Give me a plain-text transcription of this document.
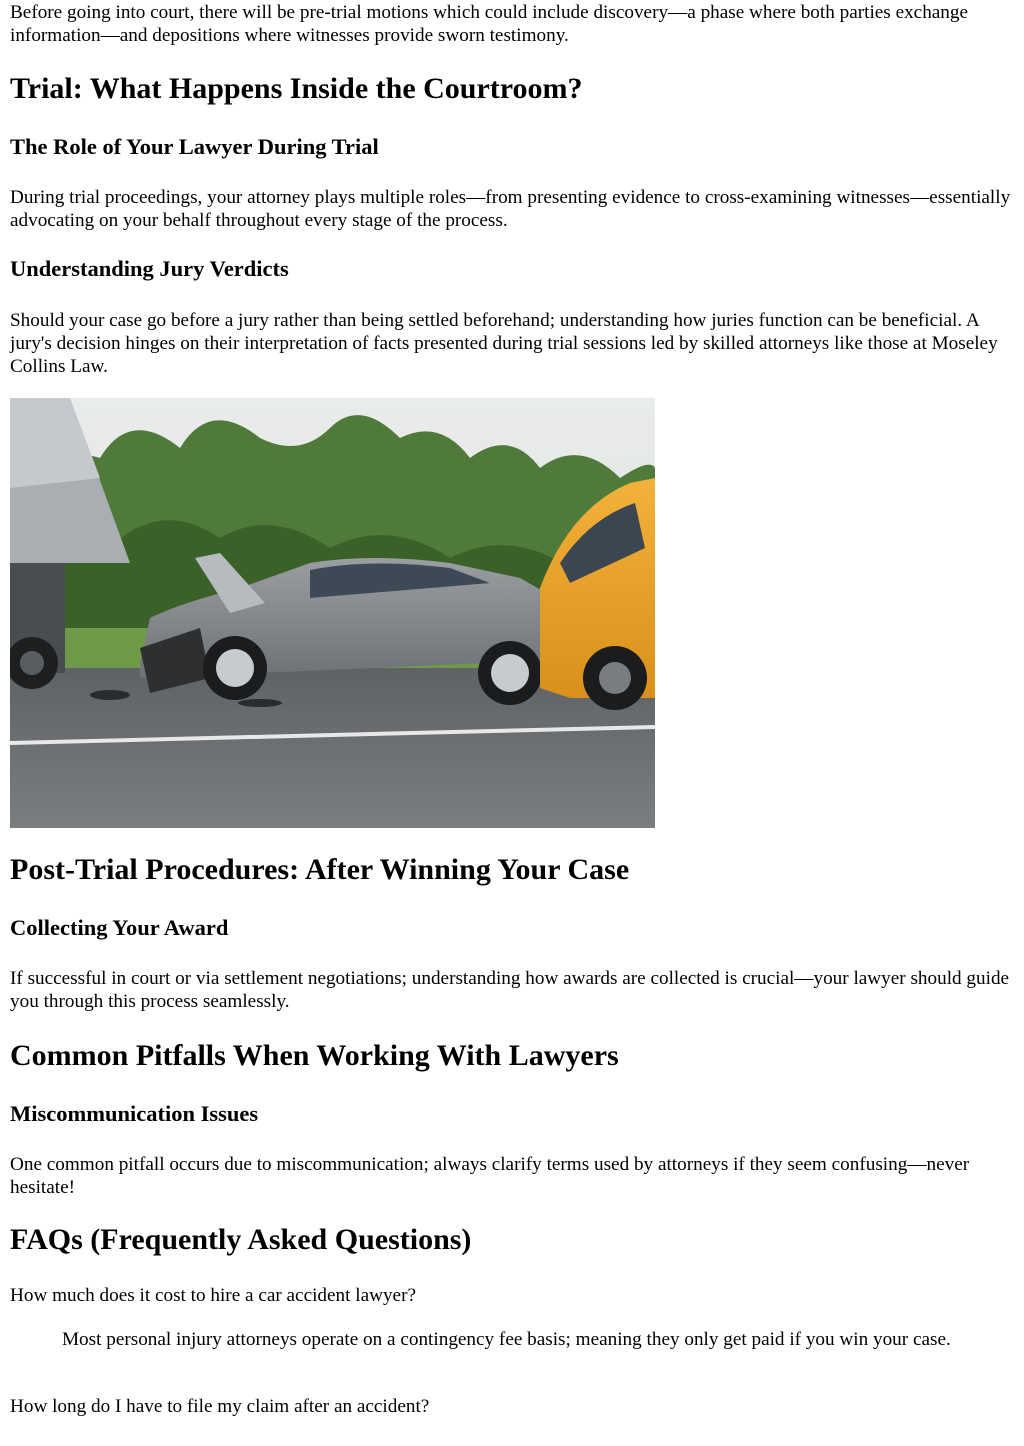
Before going into court, there will be pre-trial motions which could include discovery—a phase where both parties exchange information—and depositions where witnesses provide sworn testimony.

Trial: What Happens Inside the Courtroom?
The Role of Your Lawyer During Trial

During trial proceedings, your attorney plays multiple roles—from presenting evidence to cross-examining witnesses—essentially advocating on your behalf throughout every stage of the process.

Understanding Jury Verdicts

Should your case go before a jury rather than being settled beforehand; understanding how juries function can be beneficial. A jury's decision hinges on their interpretation of facts presented during trial sessions led by skilled attorneys like those at Moseley Collins Law.

Post-Trial Procedures: After Winning Your Case
Collecting Your Award

If successful in court or via settlement negotiations; understanding how awards are collected is crucial—your lawyer should guide you through this process seamlessly.

Common Pitfalls When Working With Lawyers
Miscommunication Issues

One common pitfall occurs due to miscommunication; always clarify terms used by attorneys if they seem confusing—never hesitate!

FAQs (Frequently Asked Questions)

How much does it cost to hire a car accident lawyer?

Most personal injury attorneys operate on a contingency fee basis; meaning they only get paid if you win your case.

How long do I have to file my claim after an accident?
